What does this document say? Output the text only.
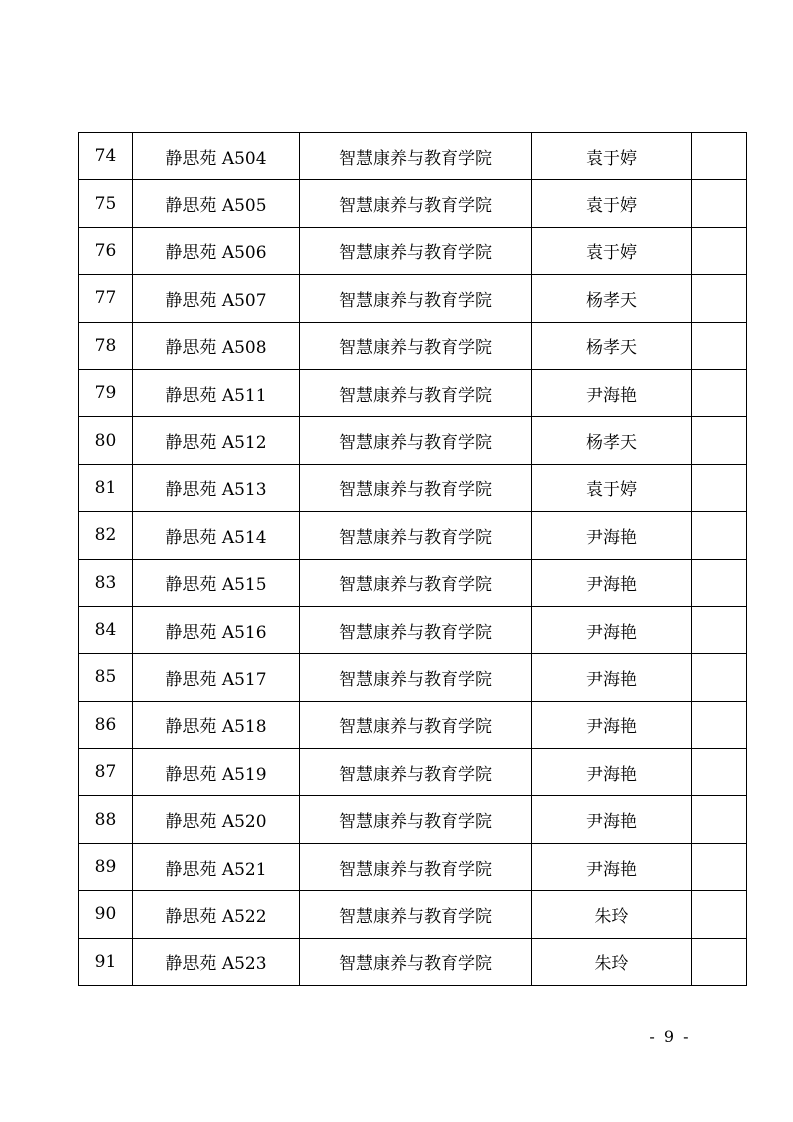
74	静思苑 A504	智慧康养与教育学院	袁于婷	
75	静思苑 A505	智慧康养与教育学院	袁于婷	
76	静思苑 A506	智慧康养与教育学院	袁于婷	
77	静思苑 A507	智慧康养与教育学院	杨孝天	
78	静思苑 A508	智慧康养与教育学院	杨孝天	
79	静思苑 A511	智慧康养与教育学院	尹海艳	
80	静思苑 A512	智慧康养与教育学院	杨孝天	
81	静思苑 A513	智慧康养与教育学院	袁于婷	
82	静思苑 A514	智慧康养与教育学院	尹海艳	
83	静思苑 A515	智慧康养与教育学院	尹海艳	
84	静思苑 A516	智慧康养与教育学院	尹海艳	
85	静思苑 A517	智慧康养与教育学院	尹海艳	
86	静思苑 A518	智慧康养与教育学院	尹海艳	
87	静思苑 A519	智慧康养与教育学院	尹海艳	
88	静思苑 A520	智慧康养与教育学院	尹海艳	
89	静思苑 A521	智慧康养与教育学院	尹海艳	
90	静思苑 A522	智慧康养与教育学院	朱玲	
91	静思苑 A523	智慧康养与教育学院	朱玲	
- 9 -
